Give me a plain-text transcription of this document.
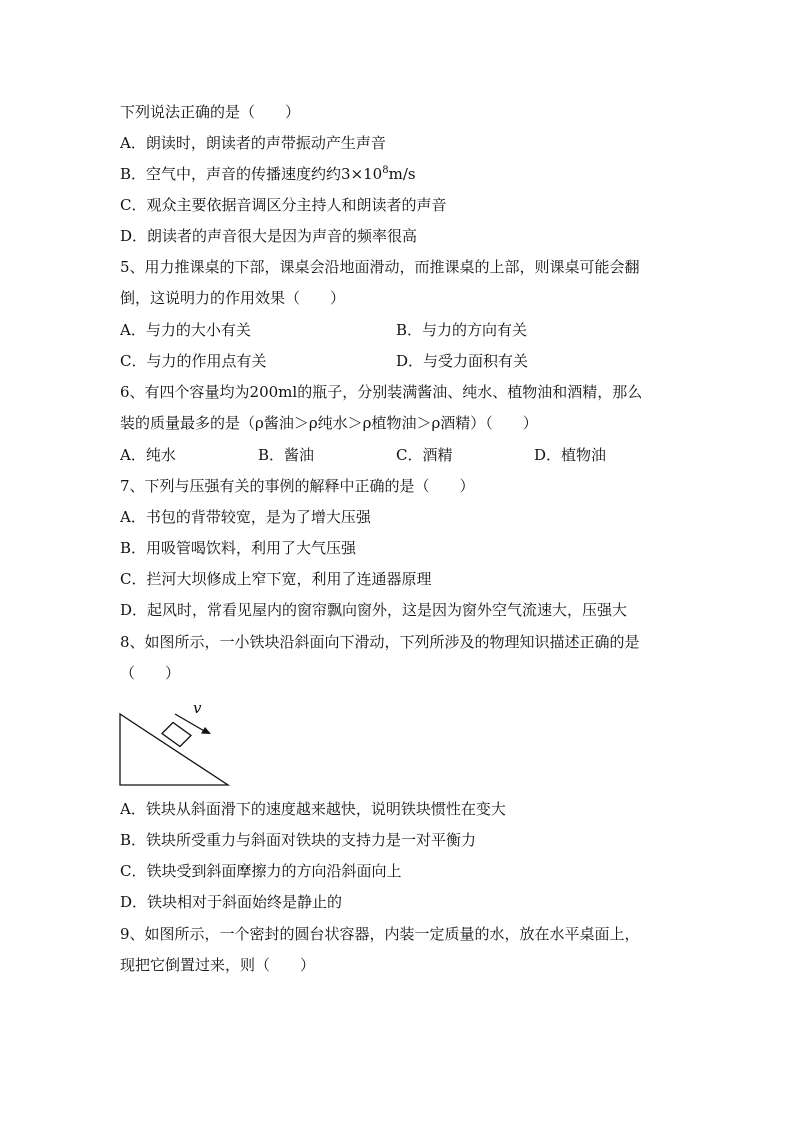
下列说法正确的是（　　）
A．朗读时，朗读者的声带振动产生声音
B．空气中，声音的传播速度约约$3\times 10^8m/s$
C．观众主要依据音调区分主持人和朗读者的声音
D．朗读者的声音很大是因为声音的频率很高
5、用力推课桌的下部，课桌会沿地面滑动，而推课桌的上部，则课桌可能会翻
倒，这说明力的作用效果（　　）
A．与力的大小有关	B．与力的方向有关
C．与力的作用点有关	D．与受力面积有关
6、有四个容量均为200ml的瓶子，分别装满酱油、纯水、植物油和酒精，那么
装的质量最多的是（ρ酱油＞ρ纯水＞ρ植物油＞ρ酒精）（　　）
A．纯水	B．酱油	C．酒精	D．植物油
7、下列与压强有关的事例的解释中正确的是（　　）
A．书包的背带较宽，是为了增大压强
B．用吸管喝饮料，利用了大气压强
C．拦河大坝修成上窄下宽，利用了连通器原理
D．起风时，常看见屋内的窗帘飘向窗外，这是因为窗外空气流速大，压强大
8、如图所示，一小铁块沿斜面向下滑动，下列所涉及的物理知识描述正确的是
（　　）
v
A．铁块从斜面滑下的速度越来越快，说明铁块惯性在变大
B．铁块所受重力与斜面对铁块的支持力是一对平衡力
C．铁块受到斜面摩擦力的方向沿斜面向上
D．铁块相对于斜面始终是静止的
9、如图所示，一个密封的圆台状容器，内装一定质量的水，放在水平桌面上，
现把它倒置过来，则（　　）
